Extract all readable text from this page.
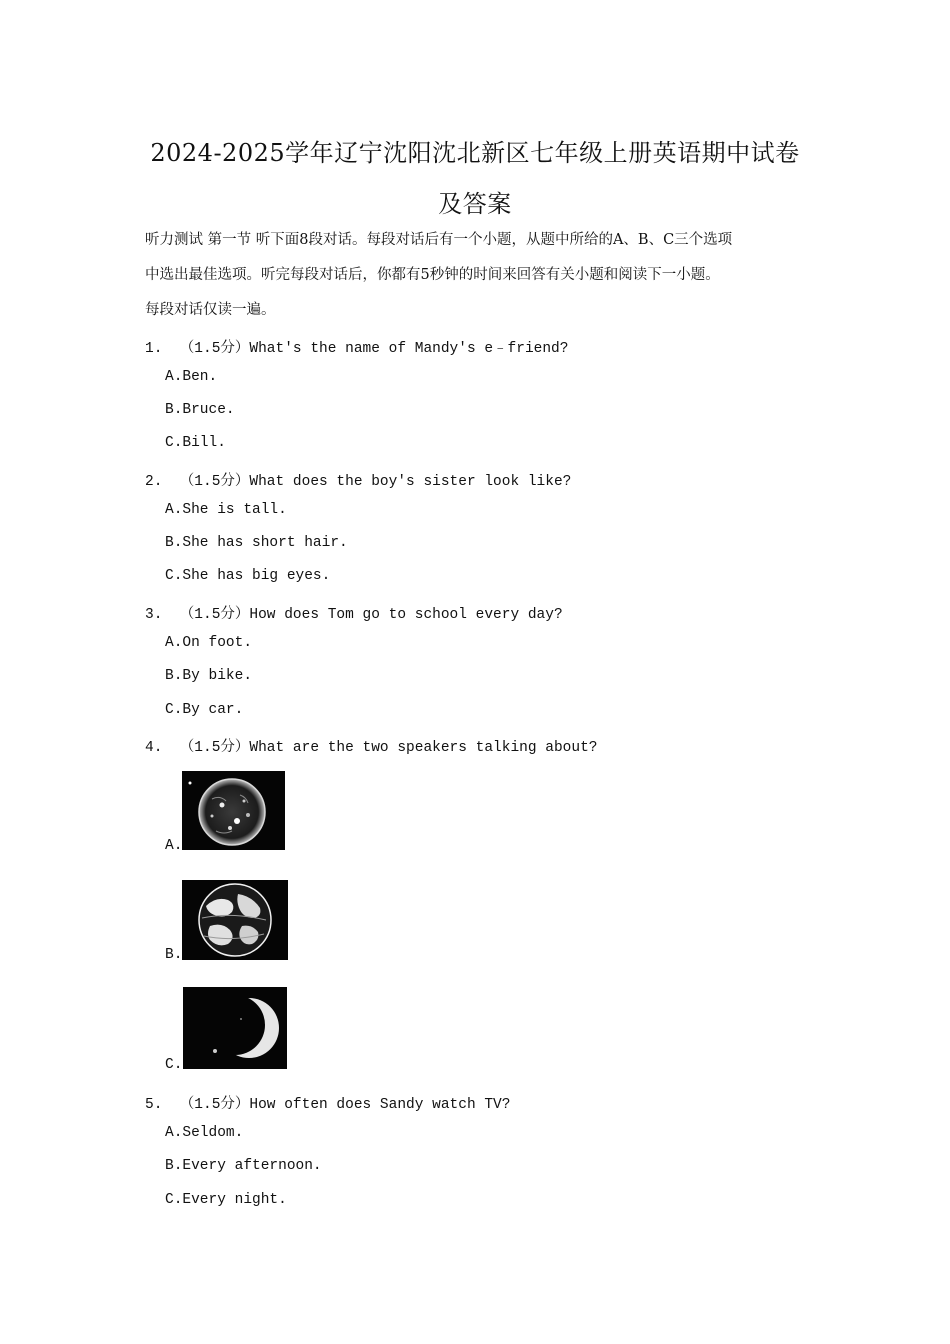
2024-2025学年辽宁沈阳沈北新区七年级上册英语期中试卷
及答案
听力测试 第一节 听下面8段对话。每段对话后有一个小题，从题中所给的A、B、C三个选项
中选出最佳选项。听完每段对话后，你都有5秒钟的时间来回答有关小题和阅读下一小题。
每段对话仅读一遍。
1.  （1.5分）What's the name of Mandy's e﹣friend?
A.Ben.
B.Bruce.
C.Bill.
2.  （1.5分）What does the boy's sister look like?
A.She is tall.
B.She has short hair.
C.She has big eyes.
3.  （1.5分）How does Tom go to school every day?
A.On foot.
B.By bike.
C.By car.
4.  （1.5分）What are the two speakers talking about?
A.
B.
C.
5.  （1.5分）How often does Sandy watch TV?
A.Seldom.
B.Every afternoon.
C.Every night.
